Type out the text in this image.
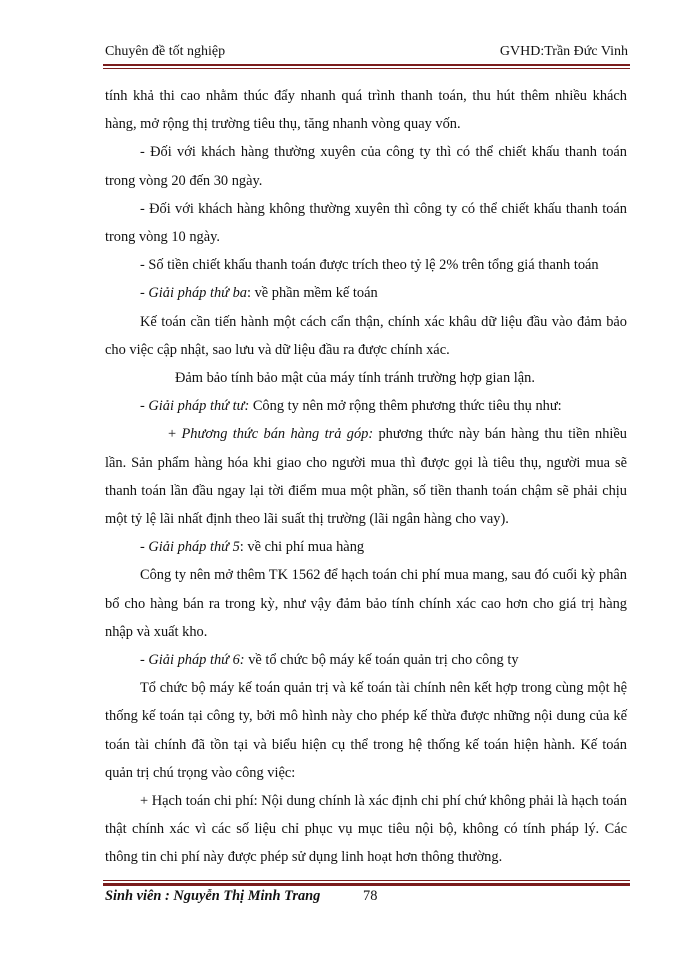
Chuyên đề tốt nghiệp	GVHD:Trần Đức Vinh

tính khả thi cao nhằm thúc đẩy nhanh quá trình thanh toán, thu hút thêm nhiều khách hàng, mở rộng thị trường tiêu thụ, tăng nhanh vòng quay vốn.

- Đối với khách hàng thường xuyên của công ty thì có thể chiết khấu thanh toán trong vòng 20 đến 30 ngày.

- Đối với khách hàng không thường xuyên thì công ty có thể chiết khấu thanh toán trong vòng 10 ngày.

- Số tiền chiết khấu thanh toán được trích theo tỷ lệ 2% trên tổng giá thanh toán

- Giải pháp thứ ba: về phần mềm kế toán

Kế toán cần tiến hành một cách cẩn thận, chính xác khâu dữ liệu đầu vào đảm bảo cho việc cập nhật, sao lưu và dữ liệu đầu ra được chính xác.

Đảm bảo tính bảo mật của máy tính tránh trường hợp gian lận.

- Giải pháp thứ tư: Công ty nên mở rộng thêm phương thức tiêu thụ như:

+ Phương thức bán hàng trả góp: phương thức này bán hàng thu tiền nhiều lần. Sản phẩm hàng hóa khi giao cho người mua thì được gọi là tiêu thụ, người mua sẽ thanh toán lần đầu ngay lại tời điểm mua một phần, số tiền thanh toán chậm sẽ phải chịu một tỷ lệ lãi nhất định theo lãi suất thị trường (lãi ngân hàng cho vay).

- Giải pháp thứ 5: về chi phí mua hàng

Công ty nên mở thêm TK 1562 để hạch toán chi phí mua mang, sau đó cuối kỳ phân bổ cho hàng bán ra trong kỳ, như vậy đảm bảo tính chính xác cao hơn cho giá trị hàng nhập và xuất kho.

- Giải pháp thứ 6: về tổ chức bộ máy kế toán quản trị cho công ty

Tổ chức bộ máy kế toán quản trị và kế toán tài chính nên kết hợp trong cùng một hệ thống kế toán tại công ty, bởi mô hình này cho phép kế thừa được những nội dung của kế toán tài chính đã tồn tại và biểu hiện cụ thể trong hệ thống kế toán hiện hành. Kế toán quản trị chú trọng vào công việc:

+ Hạch toán chi phí: Nội dung chính là xác định chi phí chứ không phải là hạch toán thật chính xác vì các số liệu chỉ phục vụ mục tiêu nội bộ, không có tính pháp lý. Các thông tin chi phí này được phép sử dụng linh hoạt hơn thông thường.

Sinh viên : Nguyễn Thị Minh Trang	78
